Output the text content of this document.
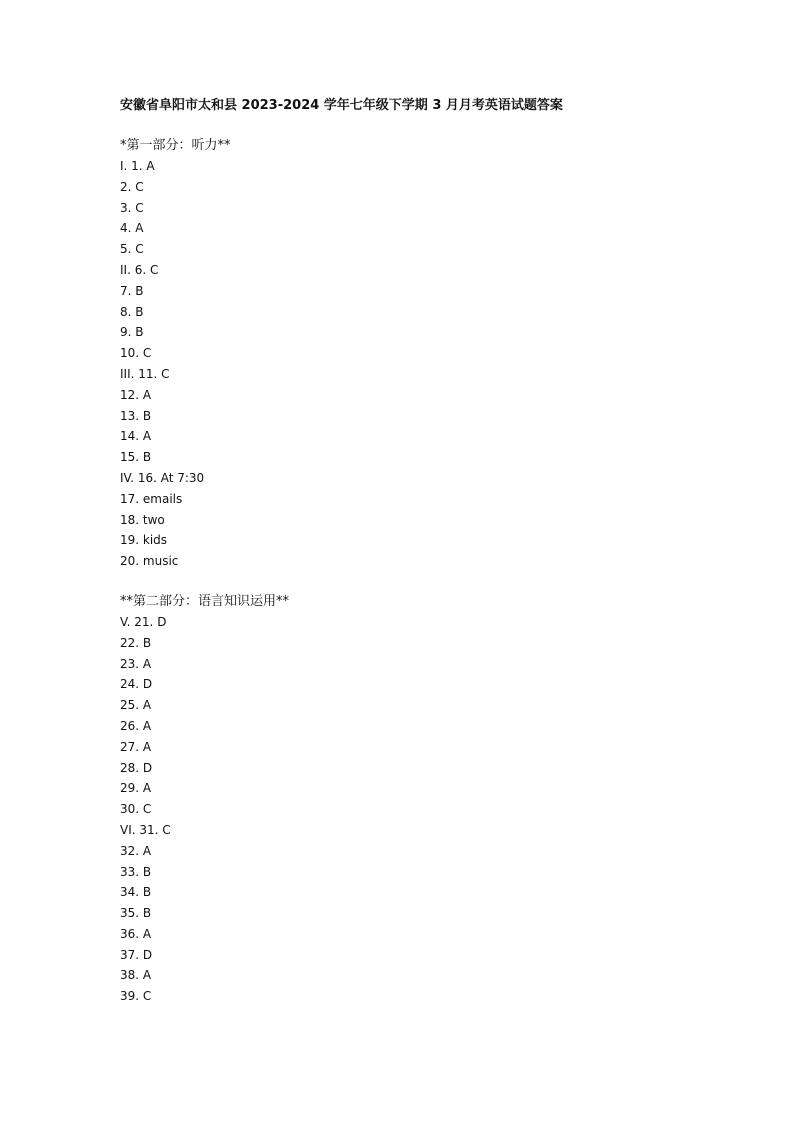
安徽省阜阳市太和县 2023-2024 学年七年级下学期 3 月月考英语试题答案
*第一部分：听力**
I. 1. A
2. C
3. C
4. A
5. C
II. 6. C
7. B
8. B
9. B
10. C
III. 11. C
12. A
13. B
14. A
15. B
IV. 16. At 7:30
17. emails
18. two
19. kids
20. music
**第二部分：语言知识运用**
V. 21. D
22. B
23. A
24. D
25. A
26. A
27. A
28. D
29. A
30. C
VI. 31. C
32. A
33. B
34. B
35. B
36. A
37. D
38. A
39. C
